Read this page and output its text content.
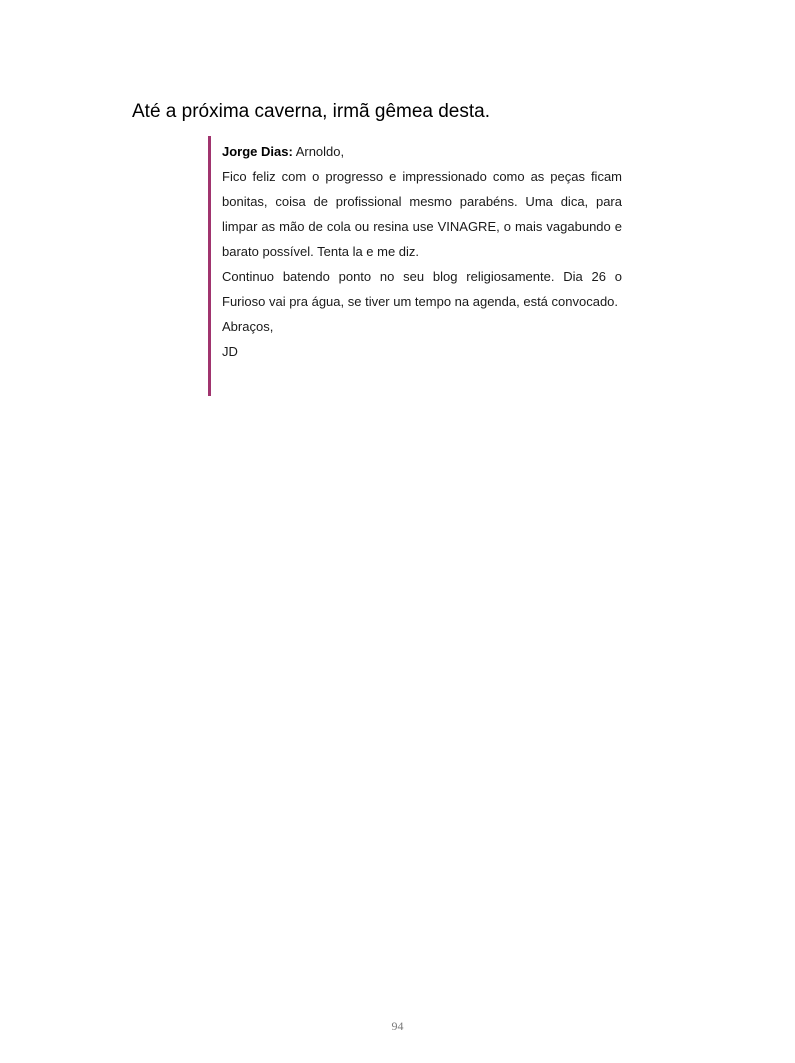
Até a próxima caverna, irmã gêmea desta.

Jorge Dias: Arnoldo,

Fico feliz com o progresso e impressionado como as peças ficam bonitas, coisa de profissional mesmo parabéns. Uma dica, para limpar as mão de cola ou resina use VINAGRE, o mais vagabundo e barato possível. Tenta la e me diz.

Continuo batendo ponto no seu blog religiosamente. Dia 26 o Furioso vai pra água, se tiver um tempo na agenda, está convocado.

Abraços,

JD

94
